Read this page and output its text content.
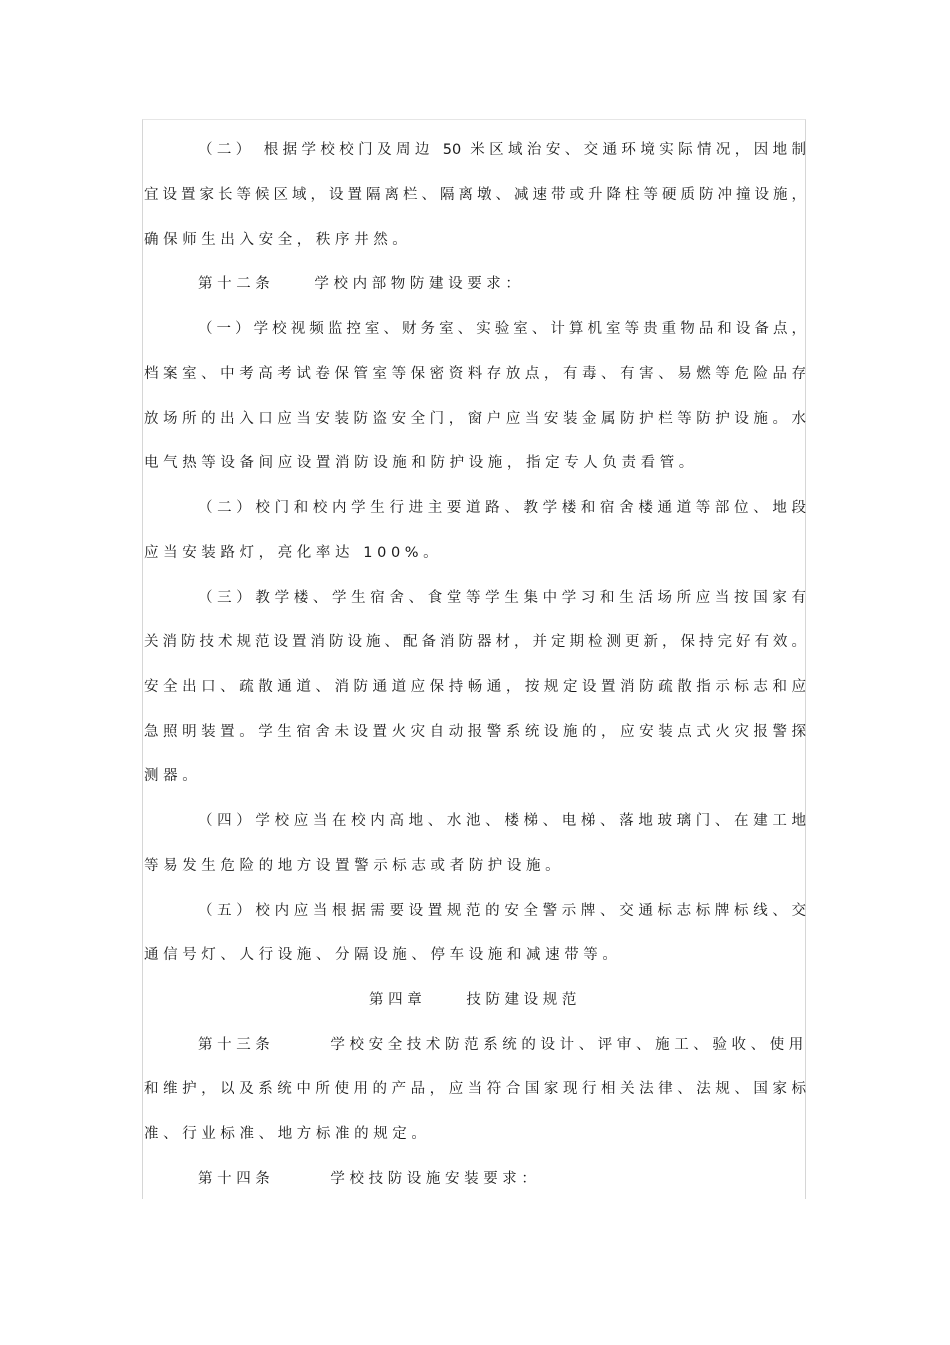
（二） 根据学校校门及周边 50 米区域治安、交通环境实际情况，因地制
宜设置家长等候区域，设置隔离栏、隔离墩、减速带或升降柱等硬质防冲撞设施，
确保师生出入安全，秩序井然。
第十二条	学校内部物防建设要求：
（一）学校视频监控室、财务室、实验室、计算机室等贵重物品和设备点，
档案室、中考高考试卷保管室等保密资料存放点，有毒、有害、易燃等危险品存
放场所的出入口应当安装防盗安全门，窗户应当安装金属防护栏等防护设施。水
电气热等设备间应设置消防设施和防护设施，指定专人负责看管。
（二）校门和校内学生行进主要道路、教学楼和宿舍楼通道等部位、地段
应当安装路灯，亮化率达 100%。
（三）教学楼、学生宿舍、食堂等学生集中学习和生活场所应当按国家有
关消防技术规范设置消防设施、配备消防器材，并定期检测更新，保持完好有效。
安全出口、疏散通道、消防通道应保持畅通，按规定设置消防疏散指示标志和应
急照明装置。学生宿舍未设置火灾自动报警系统设施的，应安装点式火灾报警探
测器。
（四）学校应当在校内高地、水池、楼梯、电梯、落地玻璃门、在建工地
等易发生危险的地方设置警示标志或者防护设施。
（五）校内应当根据需要设置规范的安全警示牌、交通标志标牌标线、交
通信号灯、人行设施、分隔设施、停车设施和减速带等。
第四章	技防建设规范
第十三条	学校安全技术防范系统的设计、评审、施工、验收、使用
和维护，以及系统中所使用的产品，应当符合国家现行相关法律、法规、国家标
准、行业标准、地方标准的规定。
第十四条	学校技防设施安装要求：
